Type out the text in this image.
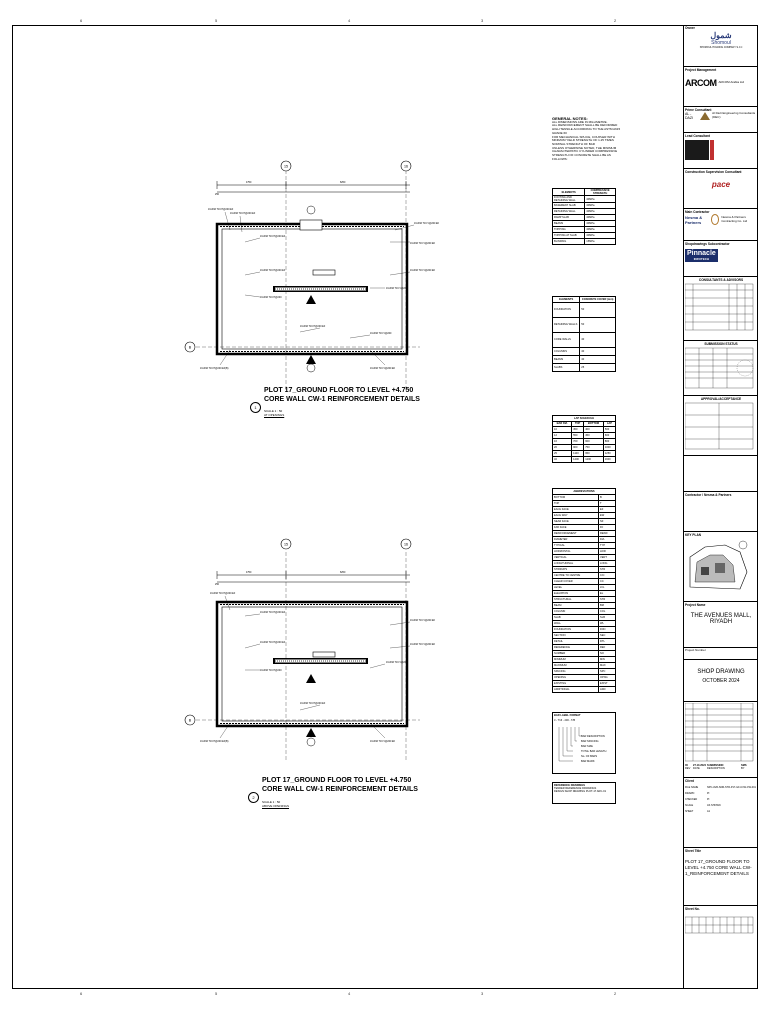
6	5	4	3	2
6	5	4	3	2
16-Ø16 T16 H@200 EF
16-Ø16 T16 H@200 EF
16-Ø16 T16 V@200 EF
16-Ø16 T16 H@200 EF
16-Ø16 T16 V@200 EF
16-Ø16 T16 H@200 EF	16-Ø16 T16 V@200 EF
16-Ø16 T16 H@200
16-Ø16 T16 V@200
16-Ø16 T16 H@200 EF
16-Ø16 T16 V@200
16-Ø16 T16 H@200 EF(B)	16-Ø16 T16 V@200 EF
4750	8250
250
15	16
B
PLOT 17_GROUND FLOOR TO LEVEL +4.750
CORE WALL CW-1 REINFORCEMENT DETAILS
1
SCALE 1 : 50
AT OPENINGS
16-Ø16 T16 H@200 EF
16-Ø16 T16 H@200 EF
16-Ø16 T16 V@200 EF
16-Ø16 T16 H@200 EF
16-Ø16 T16 V@200 EF
16-Ø16 T16 H@200
16-Ø16 T16 V@200
16-Ø16 T16 H@200 EF
16-Ø16 T16 H@200 EF(B)	16-Ø16 T16 V@200 EF
4750	8250
250
15	16
B
PLOT 17_GROUND FLOOR TO LEVEL +4.750
CORE WALL CW-1 REINFORCEMENT DETAILS
2
SCALE 1 : 50
ABOVE OPENINGS
GENERAL NOTES:
ALL DIMENSIONS ARE IN MILLIMETRE.
ALL REINFORCEMENT SHALL BE DEFORMED HIGH TENSILE ACCORDING TO THE ASTM A615 GRADE 60
FOR MECHANICAL SPLICE, COUPLER WITH MINIMUM YIELD STRENGTH OF 1.25 TIMES NOMINAL STRENGTH OF BAR
UNLESS OTHERWISE NOTED, THE MINIMUM CHARACTERISTIC CYLINDER COMPRESSIVE STRENGTH OF CONCRETE SHALL BE AS FOLLOWS:
ELEMENTS	COMPRESSIVE STRENGTH
FOOTING AND RETAINING WALL	40MPa
BASEMENT SLAB	40MPa
RETAINING WALL	40MPa
RAMP SLAB	40MPa
BEAMS	40MPa
TOPPING	40MPa
TOPPING AT SLAB	40MPa
BLINDING	15MPa
ELEMENTS	CONCRETE COVER (mm)
FOUNDATION	50
RETAINING WALLS	50
CORE WALLS	40
COLUMNS	40
BEAMS	40
SLABS	25
LAP SCHEDULE			
BAR DIA	TOP	BOTTOM	LAP
10	450	400	500
12	550	450	600
16	700	600	800
20	900	750	1000
25	1100	950	1250
32	1400	1200	1600
ABBREVIATIONS	
BOTTOM	B
TOP	T
EACH FACE	EF
EACH WAY	EW
NEAR FACE	NF
FAR FACE	FF
REINFORCEMENT	REINF
DIAMETER	DIA
TYPICAL	TYP
HORIZONTAL	HOR
VERTICAL	VERT
LONGITUDINAL	LONG
STIRRUPS	STR
CENTRE TO CENTRE	C/C
CLEAR COVER	CC
LEVEL	LVL
ELEVATION	EL
STRUCTURAL	STR
BEAM	BM
COLUMN	COL
SLAB	SLB
WALL	WL
FOUNDATION	FDN
SECTION	SEC
DETAIL	DTL
REFERENCE	REF
NUMBER	NO
MINIMUM	MIN
MAXIMUM	MAX
SPACING	SPC
OPENING	OPNG
EXISTING	EXIST
ADDITIONAL	ADD
BAR LABEL FORMAT
3 - T16 - 200 - T/B
BAR DESCRIPTION
BAR SPACING
BAR SIZE
TOTAL BAR LENGTH
No. OF BARS
BAR MARK
REFERENCE DRAWINGS
TENDER REFERENCE DRAWINGS
DESIGN SHOP DRAWING PLOT-17 ARC-01
Owner
شمول
Shomoul
SHOMOUL HOLDING COMPANY S.J.C
Project Management
ARCOM ARCOM Arabia Ltd
Prime Consultant
AL - DAZI
Al Dazi Engineering Consultants (DEC)
Lead Consultant
Construction Supervision Consultant
pace
Main Contractor
Nesma & Partners
Nesma & Partners Contracting Co. Ltd
Shopdrawings Subcontractor
Pinnacle
INFOTECH
CONSULTANTS & ADVISORS
SUBMISSION STATUS
APPROVAL/ACCEPTANCE
Contractor / Nesma & Partners
KEY PLAN
Project Name
THE AVENUES MALL, RIYADH
Project Number
SHOP DRAWING
OCTOBER 2024
00	27.10.2024 SUBMISSION	SMS
REV	DATE	DESCRIPTION	BY
Client
FILE NAME	NPC-AVR-SDR-STR-P17-GF-C1W-CW-001
DRAWN	PI
CHECKED	PI
SCALE	AS SHOWN
SHEET	A1
Sheet Title
PLOT 17_GROUND FLOOR TO LEVEL +4.750 CORE WALL CW-1_REINFORCEMENT DETAILS
Sheet No.
